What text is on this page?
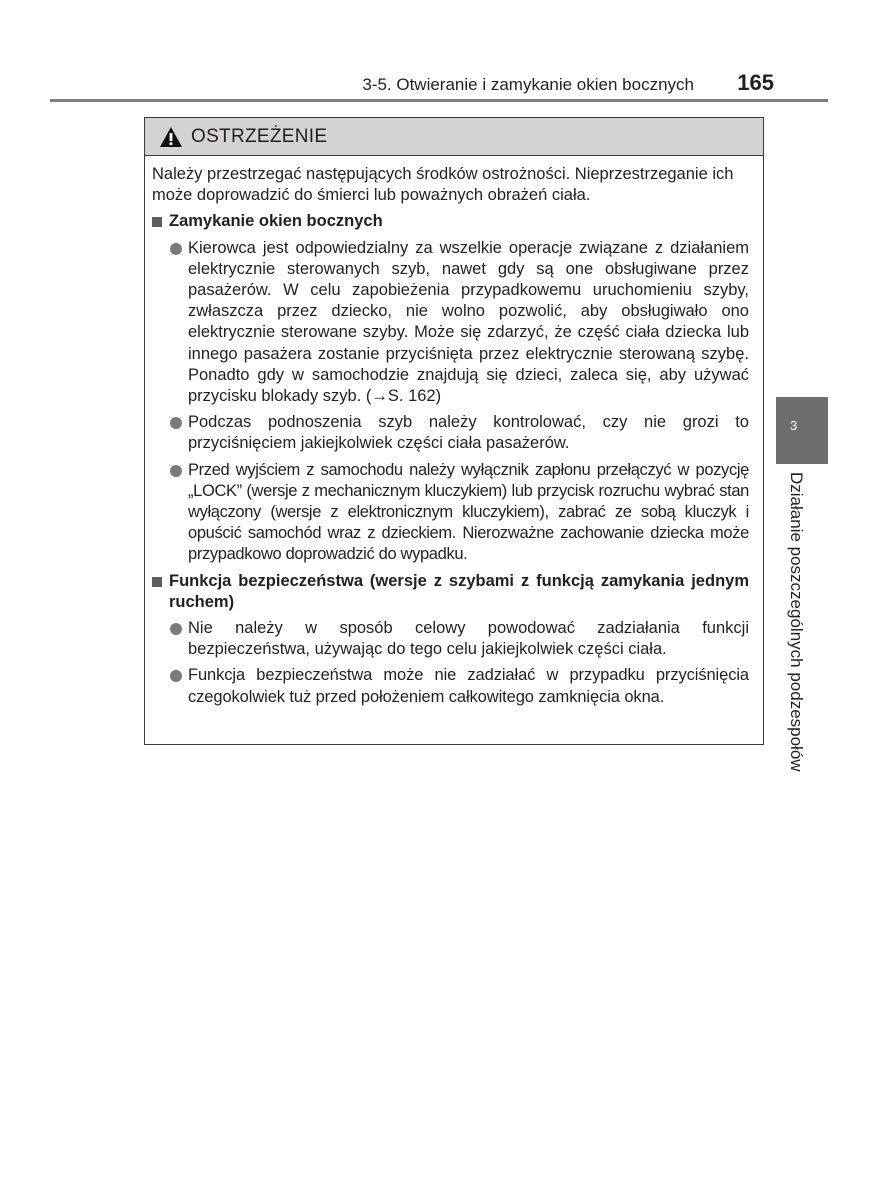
3-5. Otwieranie i zamykanie okien bocznych 165
3
Działanie poszczególnych podzespołów
OSTRZEŻENIE

Należy przestrzegać następujących środków ostrożności. Nieprzestrzeganie ich może doprowadzić do śmierci lub poważnych obrażeń ciała.

Zamykanie okien bocznych
Kierowca jest odpowiedzialny za wszelkie operacje związane z działaniem elektrycznie sterowanych szyb, nawet gdy są one obsługiwane przez pasażerów. W celu zapobieżenia przypadkowemu uruchomieniu szyby, zwłaszcza przez dziecko, nie wolno pozwolić, aby obsługiwało ono elektrycznie sterowane szyby. Może się zdarzyć, że część ciała dziecka lub innego pasażera zostanie przyciśnięta przez elektrycznie sterowaną szybę. Ponadto gdy w samochodzie znajdują się dzieci, zaleca się, aby używać przycisku blokady szyb. (→S. 162)
Podczas podnoszenia szyb należy kontrolować, czy nie grozi to przyciśnięciem jakiejkolwiek części ciała pasażerów.
Przed wyjściem z samochodu należy wyłącznik zapłonu przełączyć w pozycję „LOCK” (wersje z mechanicznym kluczykiem) lub przycisk rozruchu wybrać stan wyłączony (wersje z elektronicznym kluczykiem), zabrać ze sobą kluczyk i opuścić samochód wraz z dzieckiem. Nierozważne zachowanie dziecka może przypadkowo doprowadzić do wypadku.
Funkcja bezpieczeństwa (wersje z szybami z funkcją zamykania jednym ruchem)
Nie należy w sposób celowy powodować zadziałania funkcji bezpieczeństwa, używając do tego celu jakiejkolwiek części ciała.
Funkcja bezpieczeństwa może nie zadziałać w przypadku przyciśnięcia czegokolwiek tuż przed położeniem całkowitego zamknięcia okna.
